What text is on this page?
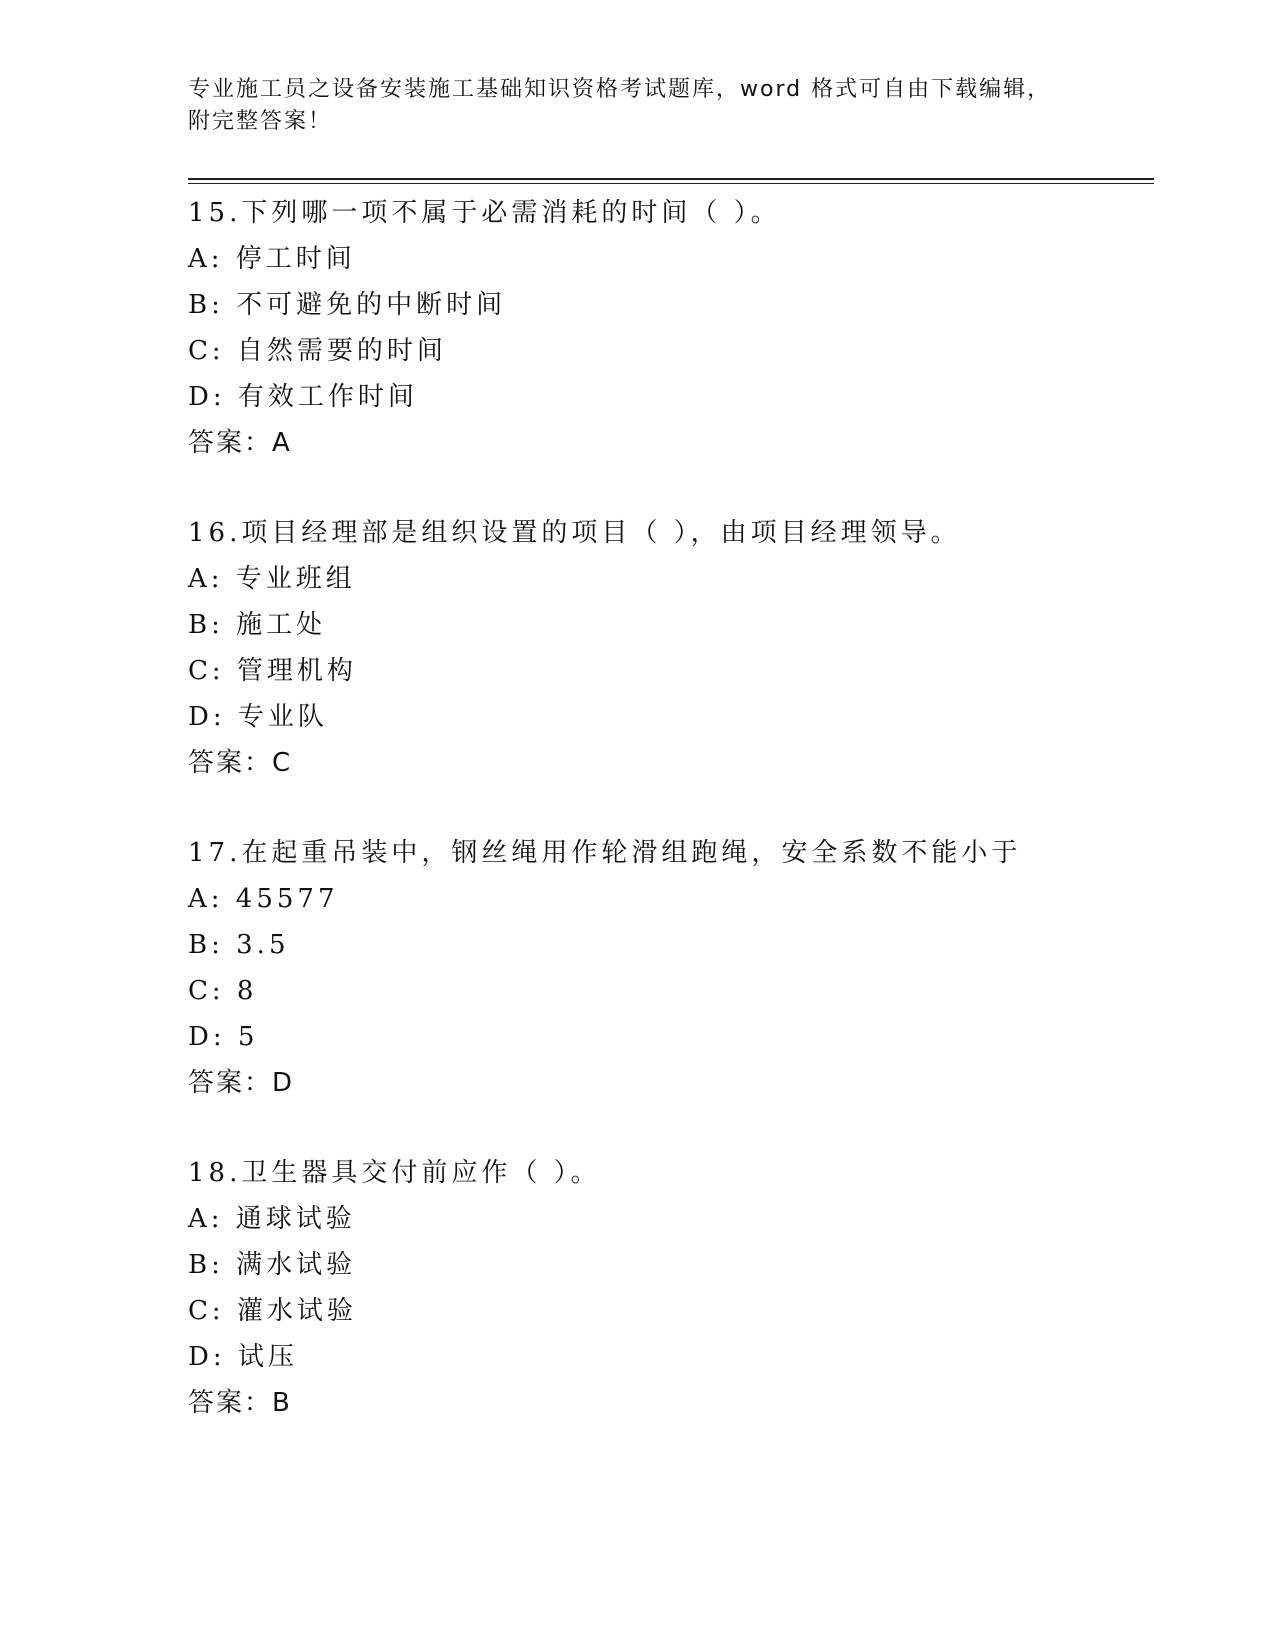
专业施工员之设备安装施工基础知识资格考试题库，word 格式可自由下载编辑，
附完整答案！
15.下列哪一项不属于必需消耗的时间（ ）。
A: 停工时间
B: 不可避免的中断时间
C: 自然需要的时间
D: 有效工作时间
答案：A
16.项目经理部是组织设置的项目（ ），由项目经理领导。
A: 专业班组
B: 施工处
C: 管理机构
D: 专业队
答案：C
17.在起重吊装中，钢丝绳用作轮滑组跑绳，安全系数不能小于
A: 45577
B: 3.5
C: 8
D: 5
答案：D
18.卫生器具交付前应作（ ）。
A: 通球试验
B: 满水试验
C: 灌水试验
D: 试压
答案：B
